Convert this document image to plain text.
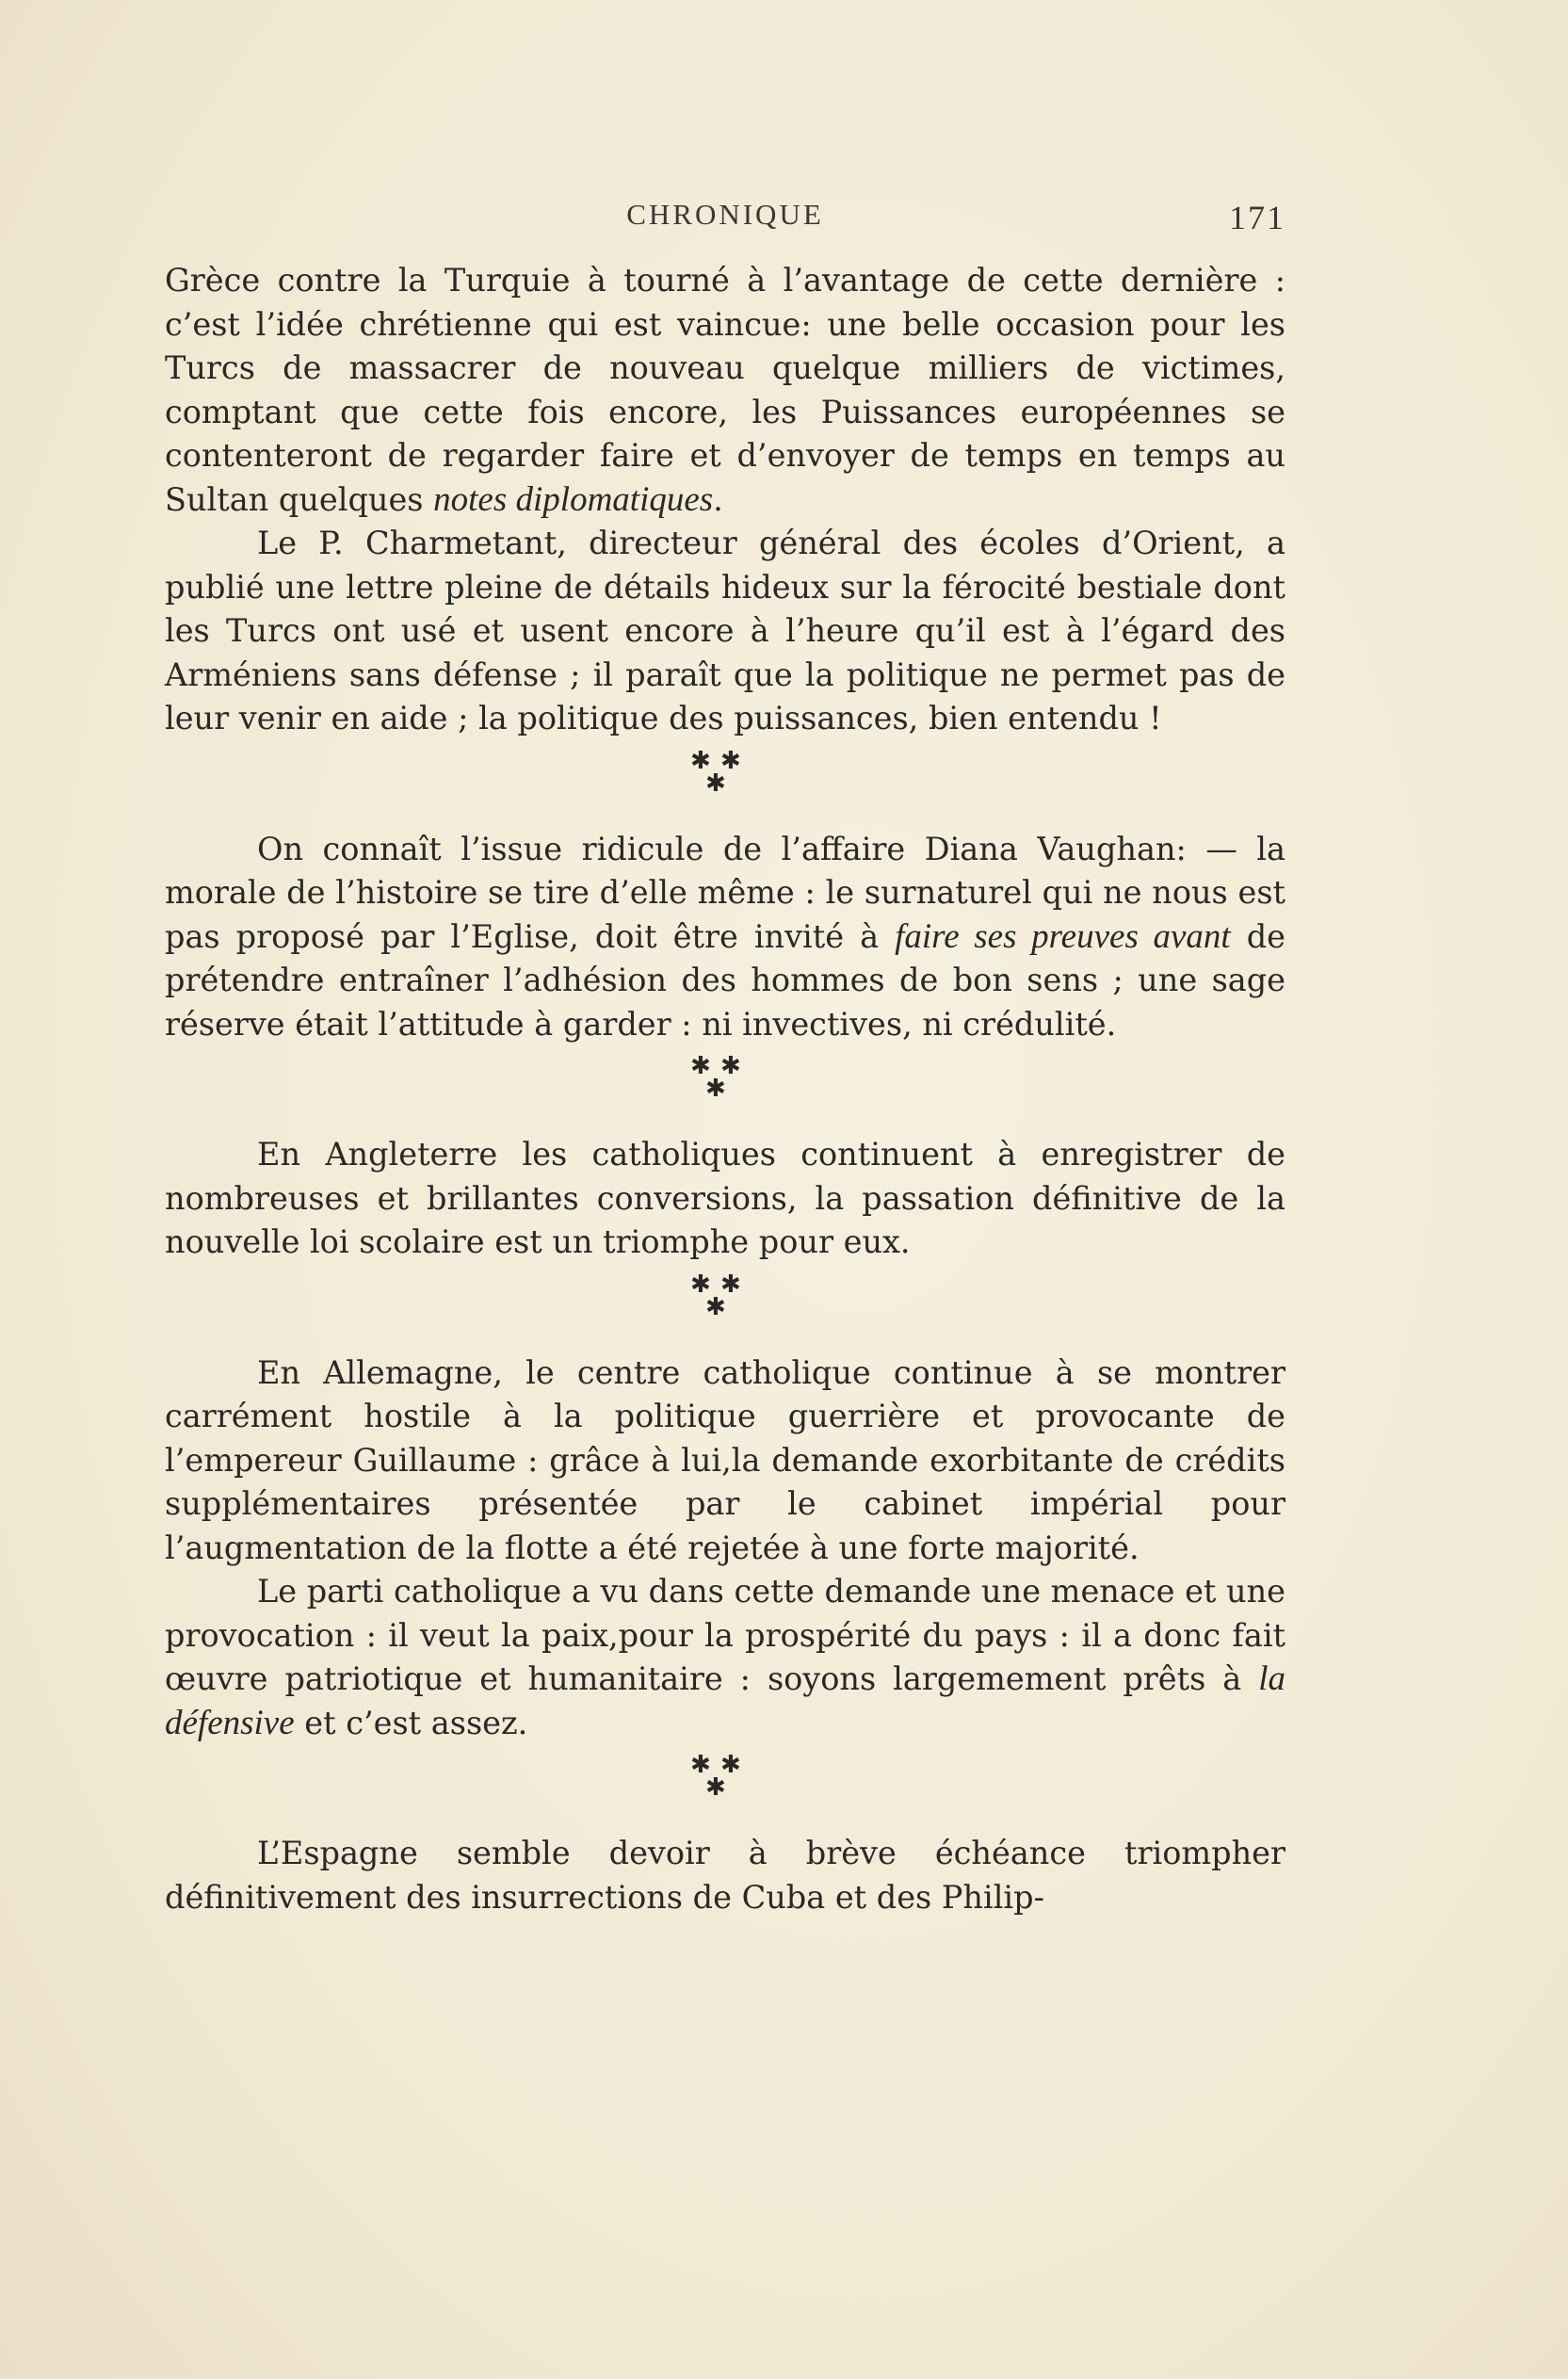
CHRONIQUE	171

Grèce contre la Turquie à tourné à l’avantage de cette dernière : c’est l’idée chrétienne qui est vaincue: une belle occasion pour les Turcs de massacrer de nouveau quelque milliers de victimes, comptant que cette fois encore, les Puissances européennes se contenteront de regarder faire et d’envoyer de temps en temps au Sultan quelques notes diplomatiques.

Le P. Charmetant, directeur général des écoles d’Orient, a publié une lettre pleine de détails hideux sur la férocité bestiale dont les Turcs ont usé et usent encore à l’heure qu’il est à l’égard des Arméniens sans défense ; il paraît que la politique ne permet pas de leur venir en aide ; la politique des puissances, bien entendu !

✱ ✱
✱

On connaît l’issue ridicule de l’affaire Diana Vaughan: — la morale de l’histoire se tire d’elle même : le surnaturel qui ne nous est pas proposé par l’Eglise, doit être invité à faire ses preuves avant de prétendre entraîner l’adhésion des hommes de bon sens ; une sage réserve était l’attitude à garder : ni invectives, ni crédulité.

✱ ✱
✱

En Angleterre les catholiques continuent à enregistrer de nombreuses et brillantes conversions, la passation définitive de la nouvelle loi scolaire est un triomphe pour eux.

✱ ✱
✱

En Allemagne, le centre catholique continue à se montrer carrément hostile à la politique guerrière et provocante de l’empereur Guillaume : grâce à lui,la demande exorbitante de crédits supplémentaires présentée par le cabinet impérial pour l’augmentation de la flotte a été rejetée à une forte majorité.

Le parti catholique a vu dans cette demande une menace et une provocation : il veut la paix,pour la prospérité du pays : il a donc fait œuvre patriotique et humanitaire : soyons largemement prêts à la défensive et c’est assez.

✱ ✱
✱

L’Espagne semble devoir à brève échéance triompher définitivement des insurrections de Cuba et des Philip-
